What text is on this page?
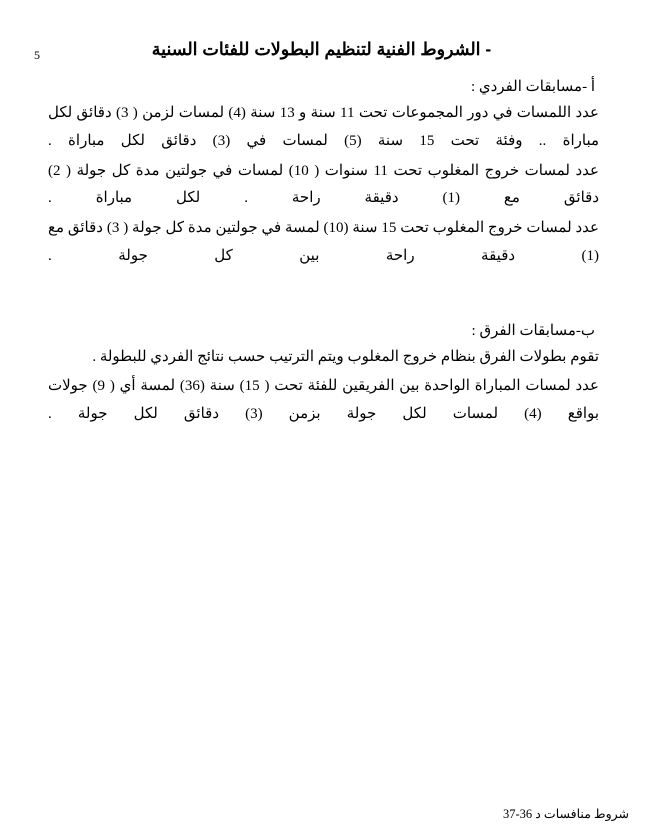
5	- الشروط الفنية لتنظيم البطولات للفئات السنية
أ -مسابقات الفردي :

عدد اللمسات في دور المجموعات تحت 11 سنة و 13 سنة (4) لمسات لزمن ( 3) دقائق لكل مباراة .. وفئة تحت 15 سنة (5) لمسات في (3) دقائق لكل مباراة .

عدد لمسات خروج المغلوب تحت 11 سنوات ( 10) لمسات في جولتين مدة كل جولة ( 2) دقائق مع (1) دقيقة راحة . لكل مباراة .

عدد لمسات خروج المغلوب تحت 15 سنة (10) لمسة في جولتين مدة كل جولة ( 3) دقائق مع (1) دقيقة راحة بين كل جولة .

ب-مسابقات الفرق :

تقوم بطولات الفرق بنظام خروج المغلوب ويتم الترتيب حسب نتائج الفردي للبطولة .

عدد لمسات المباراة الواحدة بين الفريقين للفئة تحت ( 15) سنة (36) لمسة أي ( 9) جولات بواقع (4) لمسات لكل جولة بزمن (3) دقائق لكل جولة .

شروط منافسات د 36-37
